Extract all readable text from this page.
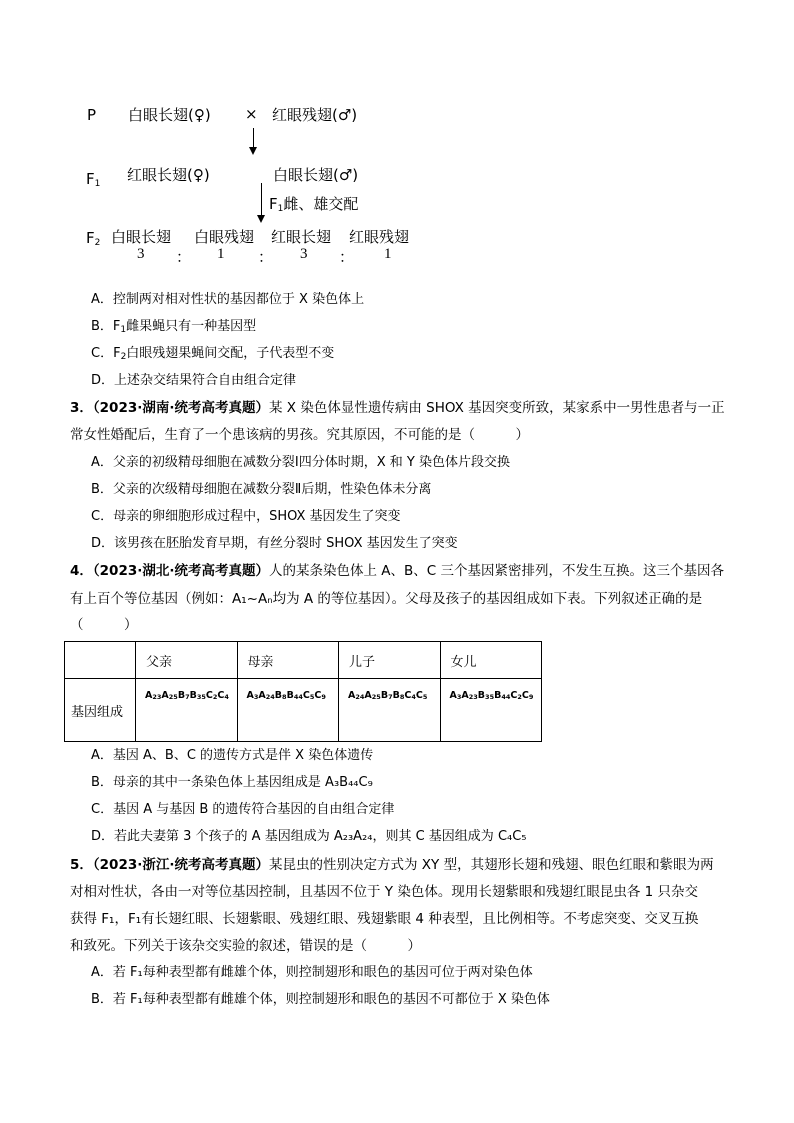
P 白眼长翅(♀) × 红眼残翅(♂)
$F_1$ 红眼长翅(♀)	白眼长翅(♂)
$F_1$雌、雄交配
$F_2$ 白眼长翅 白眼残翅 红眼长翅 红眼残翅
3 ： 1 ： 3 ： 1
A．控制两对相对性状的基因都位于 X 染色体上
B．$F_1$雌果蝇只有一种基因型
C．$F_2$白眼残翅果蝇间交配，子代表型不变
D．上述杂交结果符合自由组合定律
3．（2023·湖南·统考高考真题）某 X 染色体显性遗传病由 SHOX 基因突变所致，某家系中一男性患者与一正
常女性婚配后，生育了一个患该病的男孩。究其原因，不可能的是（　　　）
A．父亲的初级精母细胞在减数分裂Ⅰ四分体时期，X 和 Y 染色体片段交换
B．父亲的次级精母细胞在减数分裂Ⅱ后期，性染色体未分离
C．母亲的卵细胞形成过程中，SHOX 基因发生了突变
D．该男孩在胚胎发育早期，有丝分裂时 SHOX 基因发生了突变
4．（2023·湖北·统考高考真题）人的某条染色体上 A、B、C 三个基因紧密排列，不发生互换。这三个基因各
有上百个等位基因（例如：A₁~Aₙ均为 A 的等位基因）。父母及孩子的基因组成如下表。下列叙述正确的是
（　　　）
	父亲	母亲	儿子	女儿
基因组成	$A_{23}A_{25}B_7B_{35}C_2C_4$	$A_3A_{24}B_8B_{44}C_5C_9$	$A_{24}A_{25}B_7B_8C_4C_5$	$A_3A_{23}B_{35}B_{44}C_2C_9$
A．基因 A、B、C 的遗传方式是伴 X 染色体遗传
B．母亲的其中一条染色体上基因组成是 A₃B₄₄C₉
C．基因 A 与基因 B 的遗传符合基因的自由组合定律
D．若此夫妻第 3 个孩子的 A 基因组成为 A₂₃A₂₄，则其 C 基因组成为 C₄C₅
5．（2023·浙江·统考高考真题）某昆虫的性别决定方式为 XY 型，其翅形长翅和残翅、眼色红眼和紫眼为两
对相对性状，各由一对等位基因控制，且基因不位于 Y 染色体。现用长翅紫眼和残翅红眼昆虫各 1 只杂交
获得 F₁，F₁有长翅红眼、长翅紫眼、残翅红眼、残翅紫眼 4 种表型，且比例相等。不考虑突变、交叉互换
和致死。下列关于该杂交实验的叙述，错误的是（　　　）
A．若 F₁每种表型都有雌雄个体，则控制翅形和眼色的基因可位于两对染色体
B．若 F₁每种表型都有雌雄个体，则控制翅形和眼色的基因不可都位于 X 染色体
